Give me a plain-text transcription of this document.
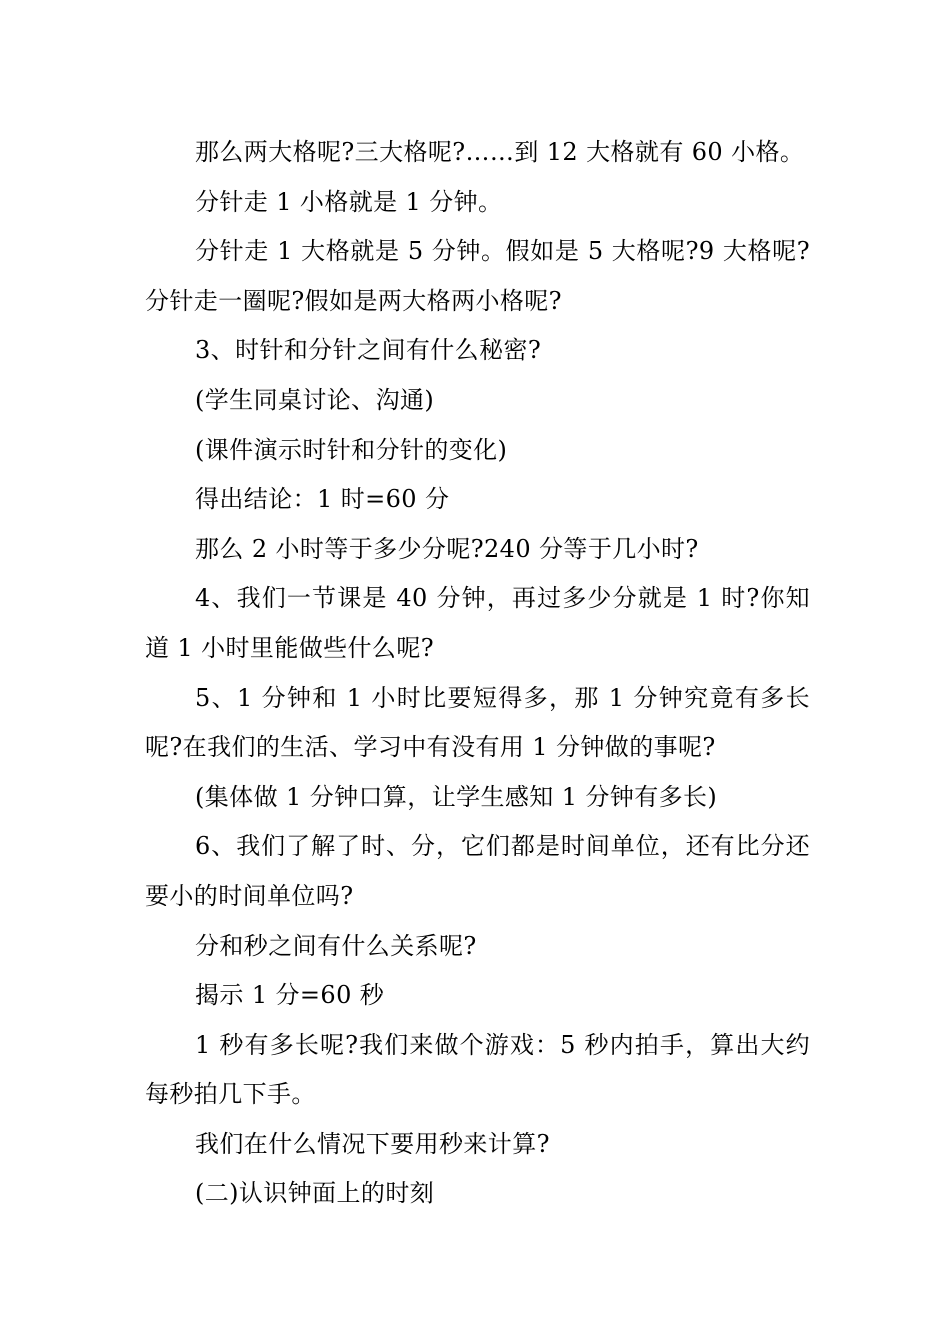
那么两大格呢?三大格呢?……到 12 大格就有 60 小格。

分针走 1 小格就是 1 分钟。

分针走 1 大格就是 5 分钟。假如是 5 大格呢?9 大格呢?分针走一圈呢?假如是两大格两小格呢?

3、时针和分针之间有什么秘密?

(学生同桌讨论、沟通)

(课件演示时针和分针的变化)

得出结论：1 时=60 分

那么 2 小时等于多少分呢?240 分等于几小时?

4、我们一节课是 40 分钟，再过多少分就是 1 时?你知道 1 小时里能做些什么呢?

5、1 分钟和 1 小时比要短得多，那 1 分钟究竟有多长呢?在我们的生活、学习中有没有用 1 分钟做的事呢?

(集体做 1 分钟口算，让学生感知 1 分钟有多长)

6、我们了解了时、分，它们都是时间单位，还有比分还要小的时间单位吗?

分和秒之间有什么关系呢?

揭示 1 分=60 秒

1 秒有多长呢?我们来做个游戏：5 秒内拍手，算出大约每秒拍几下手。

我们在什么情况下要用秒来计算?

(二)认识钟面上的时刻
